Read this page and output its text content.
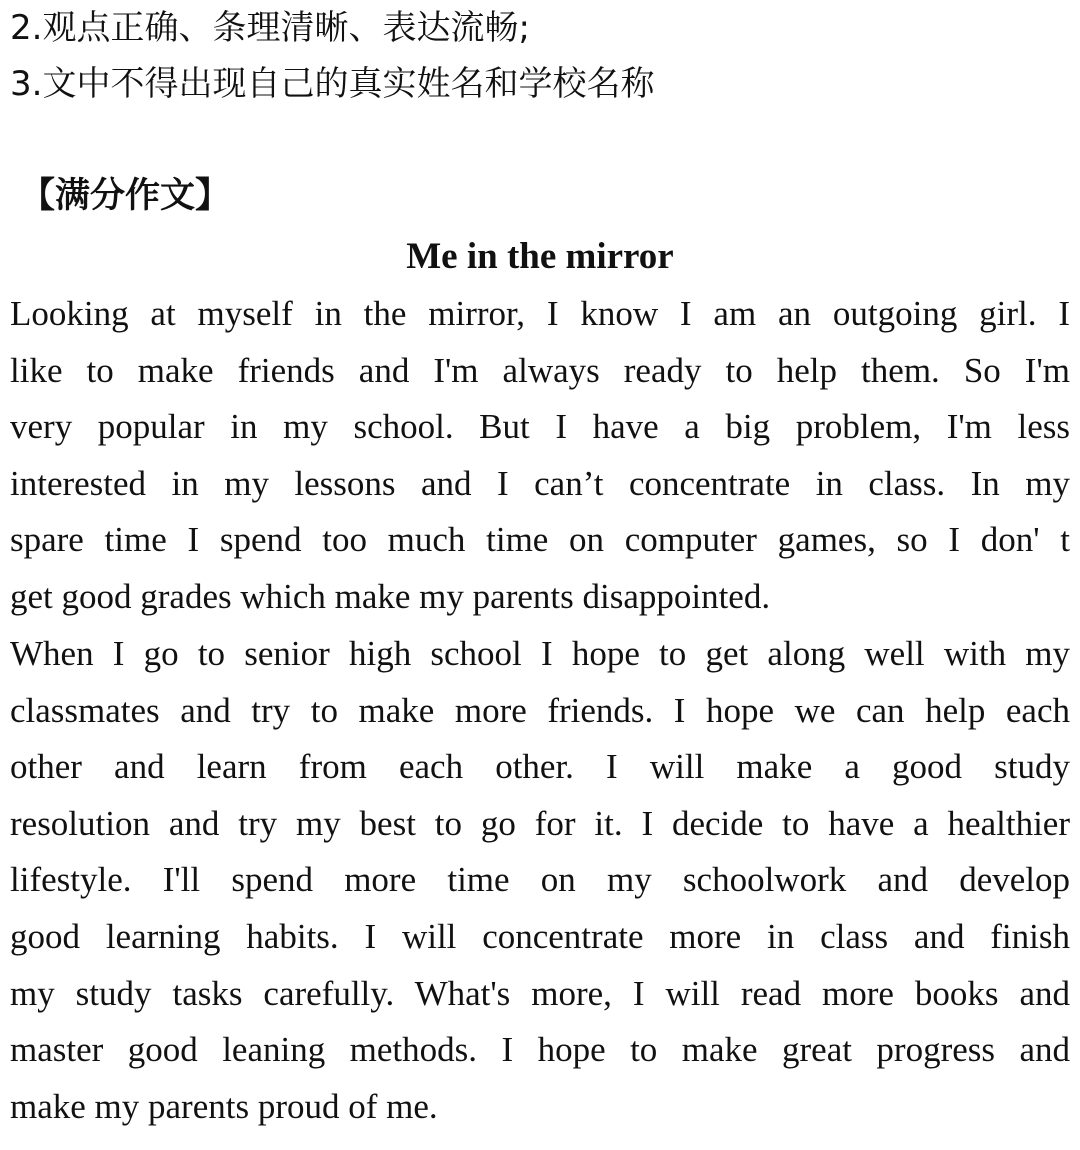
2.观点正确、条理清晰、表达流畅;
3.文中不得出现自己的真实姓名和学校名称
【满分作文】
Me in the mirror
Looking at myself in the mirror, I know I am an outgoing girl. I
like to make friends and I'm always ready to help them. So I'm
very popular in my school. But I have a big problem, I'm less
interested in my lessons and I can’t concentrate in class. In my
spare time I spend too much time on computer games, so I don' t
get good grades which make my parents disappointed.
When I go to senior high school I hope to get along well with my
classmates and try to make more friends. I hope we can help each
other and learn from each other. I will make a good study
resolution and try my best to go for it. I decide to have a healthier
lifestyle. I'll spend more time on my schoolwork and develop
good learning habits. I will concentrate more in class and finish
my study tasks carefully. What's more, I will read more books and
master good leaning methods. I hope to make great progress and
make my parents proud of me.
